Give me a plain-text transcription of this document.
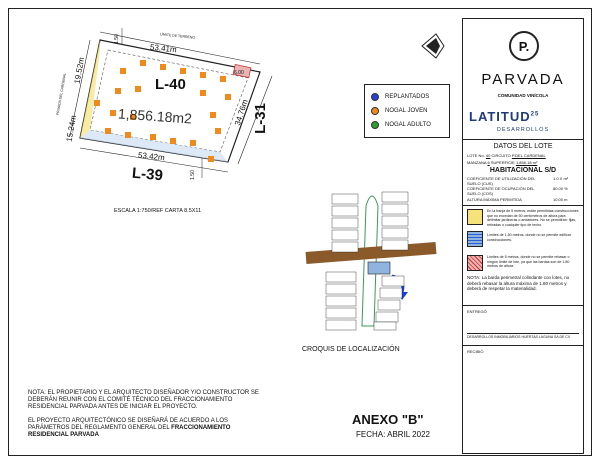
L-40
1,856.18m2
53.41m
53.42m
19.52m
15.24m
34.76m
1.50
1.50
6.00
LÍMITE DE TERRENO
PRIVADA DEL CARDENAL
L-31
L-39
ESCALA 1:750/REF CARTA 8.5X11
REPLANTADOS
NOGAL JOVEN
NOGAL ADULTO
CROQUIS DE LOCALIZACIÓN
NOTA: EL PROPIETARIO Y EL ARQUITECTO DISEÑADOR Y/O CONSTRUCTOR SE DEBERÁN REUNIR CON EL COMITÉ TÉCNICO DEL FRACCIONAMIENTO RESIDENCIAL PARVADA ANTES DE INICIAR EL PROYECTO.
EL PROYECTO ARQUITECTÓNICO SE DISEÑARÁ DE ACUERDO A LOS PARÁMETROS DEL REGLAMENTO GENERAL DEL FRACCIONAMIENTO RESIDENCIAL PARVADA
ANEXO "B"
FECHA: ABRIL 2022
P.
PARVADA
COMUNIDAD VINÍCOLA
LATITUD$^{25}$
DESARROLLOS
DATOS DEL LOTE
LOTE No. 40 CIRCUITO P.DEL CARDENAL
MANZANA 6 SUPERFICIE 1,856.18 m²
HABITACIONAL S/D
COEFICIENTE DE UTILIZACIÓN DEL SUELO (CUS)
1.0 X m²
COEFICIENTE DE OCUPACIÓN DEL SUELO (COS)
80.00 %
ALTURA MÁXIMA PERMITIDA	10.00 m
En la franja de 5 metros, están permitidas construcciones que no excedan de 50 centímetros de altura para delimitar jardineras o andadores. No se permitirán: fijas, retiradas o cualquier tipo de techo.
Límites de 1.50 metros, donde no se permite edificar construcciones.
Límites de 5 metros, donde no se permite rebasar o ningún límite de lote, ya que las bardas son de 1.80 metros de altura.
NOTA: La barda perimetral colindante con lotes, no deberá rebasar la altura máxima de 1.80 metros y deberá de respetar la materialidad.
ENTREGÓ
DESARROLLOS INMOBILIARIOS HUERTAS LAGUNA SA DE CV
RECIBIÓ
